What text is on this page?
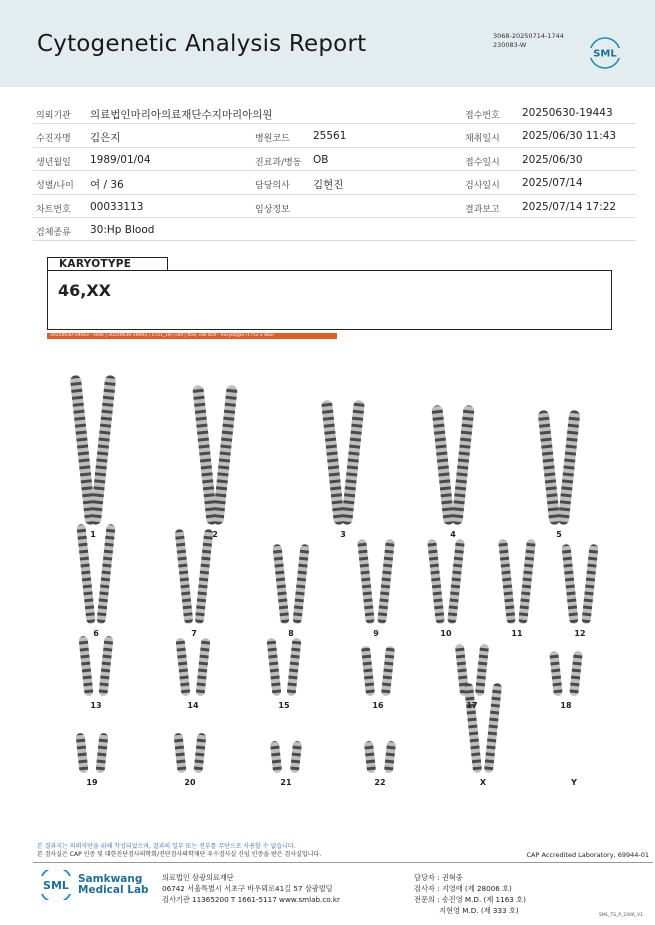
Cytogenetic Analysis Report	3068-20250714-1744
230083-W
SML
의뢰기관 의료법인마리아의료재단수지마리아의원	접수번호 20250630-19443
수진자명 김은지	병원코드 25561	채취일시 2025/06/30 11:43
생년월일 1989/01/04	진료과/병동 OB	접수일시 2025/06/30
성별/나이 여 / 36	담당의사 김현진	검사일시 2025/07/14
차트번호 00033113	임상정보	결과보고 2025/07/14 17:22
검체종류 30:Hp Blood
KARYOTYPE
46,XX
20250630-19443 - slide | 20250630-19443 | 1721_18 | cell | 459, cell 850 - Karyotype (1752 x 882)
1	2	3	4	5
6	7	8	9	10	11	12
13	14	15	16	17	18
19	20	21	22	X	Y
본 결과지는 의뢰자만을 위해 작성되었으며, 결과의 일부 또는 전부를 무단으로 사용할 수 없습니다.
본 검사실은 CAP 인증 및 대한진단검사의학회/진단검사의학재단 우수검사실 신임 인증을 받은 검사실입니다.	CAP Accredited Laboratory, 69944-01
SML Samkwang
Medical Lab
의료법인 삼광의료재단
06742 서울특별시 서초구 바우뫼로41길 57 삼광빌딩
검사기관 11365200 T 1661-5117 www.smlab.co.kr
담당자 : 권혁중
검사자 : 지영애 (제 28006 호)
전문의 : 송진영 M.D. (제 1163 호)
지현영 M.D. (제 333 호)
SML_TS_P_2406_V1
